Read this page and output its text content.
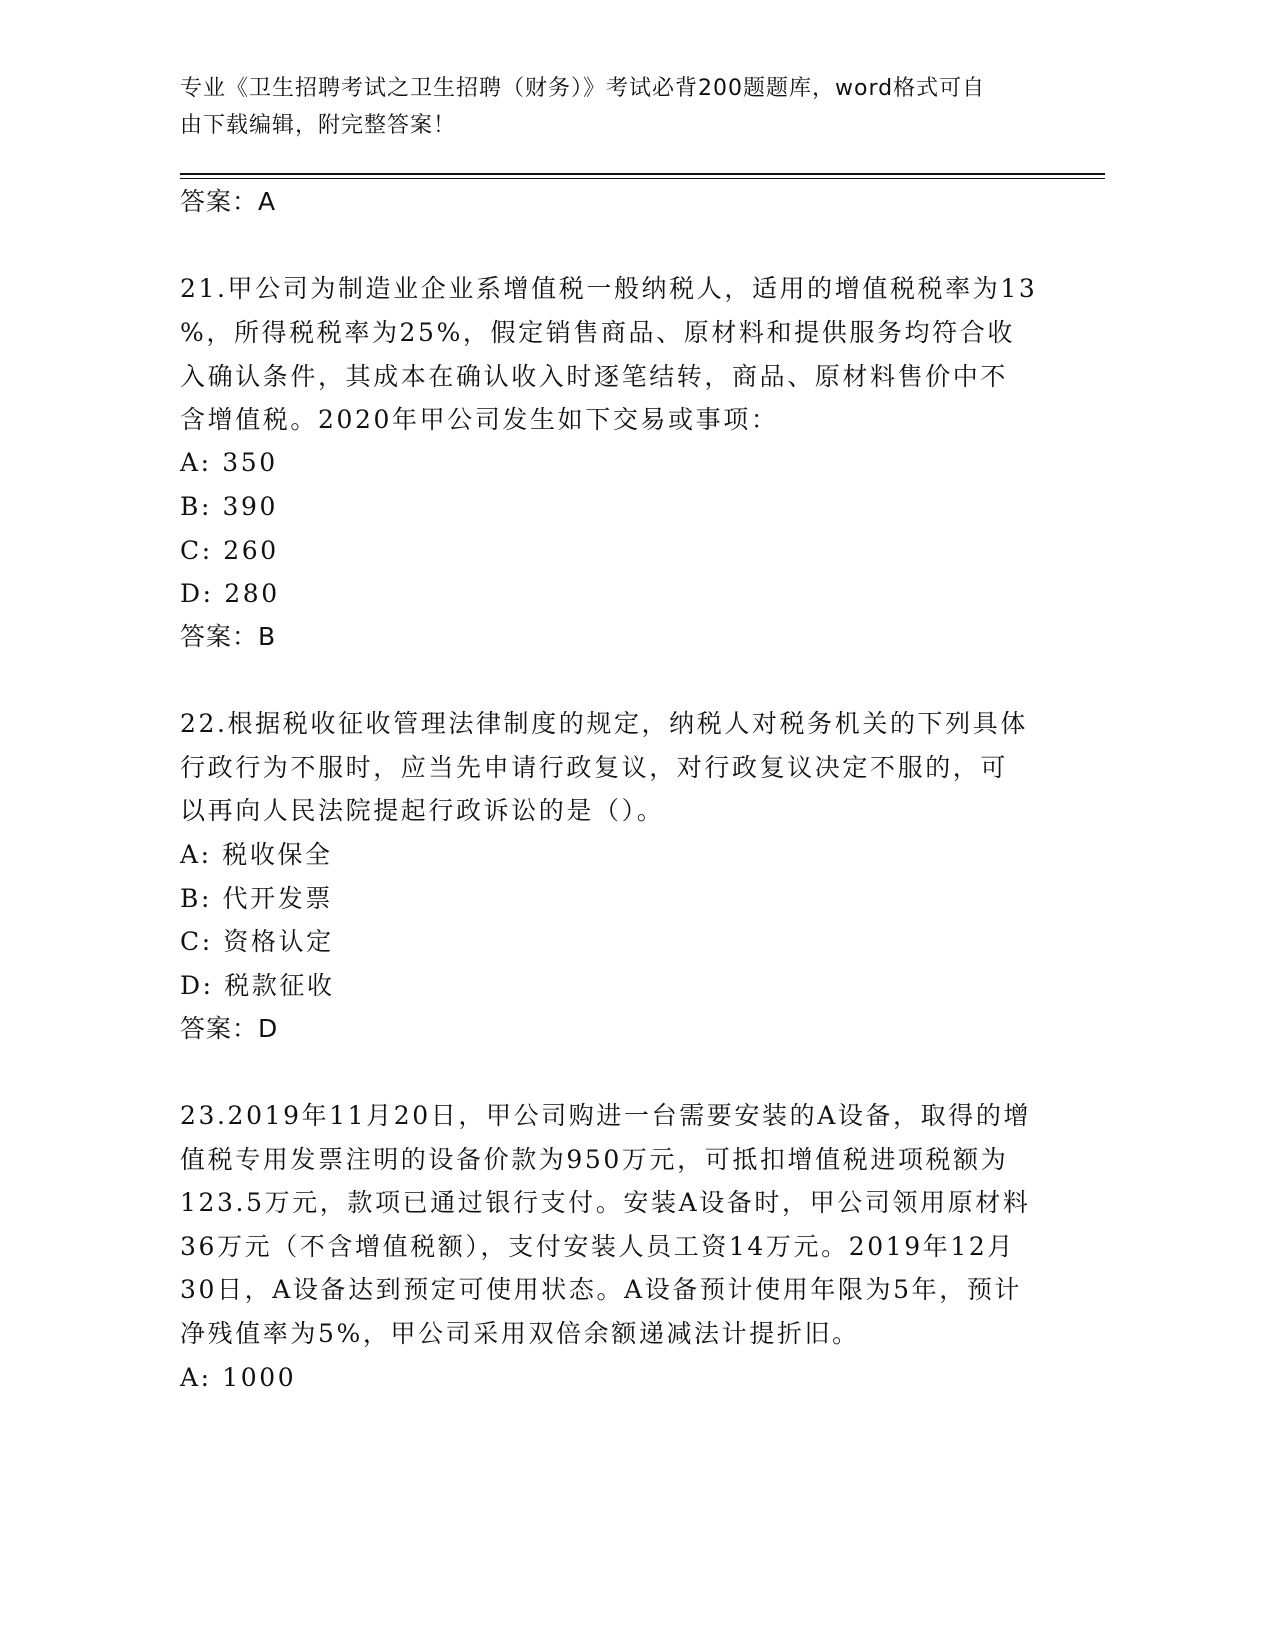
专业《卫生招聘考试之卫生招聘（财务）》考试必背200题题库，word格式可自
由下载编辑，附完整答案！
答案：A
21.甲公司为制造业企业系增值税一般纳税人，适用的增值税税率为13
%，所得税税率为25%，假定销售商品、原材料和提供服务均符合收
入确认条件，其成本在确认收入时逐笔结转，商品、原材料售价中不
含增值税。2020年甲公司发生如下交易或事项：
A: 350
B: 390
C: 260
D: 280
答案：B
22.根据税收征收管理法律制度的规定，纳税人对税务机关的下列具体
行政行为不服时，应当先申请行政复议，对行政复议决定不服的，可
以再向人民法院提起行政诉讼的是（）。
A: 税收保全
B: 代开发票
C: 资格认定
D: 税款征收
答案：D
23.2019年11月20日，甲公司购进一台需要安装的A设备，取得的增
值税专用发票注明的设备价款为950万元，可抵扣增值税进项税额为
123.5万元，款项已通过银行支付。安装A设备时，甲公司领用原材料
36万元（不含增值税额），支付安装人员工资14万元。2019年12月
30日，A设备达到预定可使用状态。A设备预计使用年限为5年，预计
净残值率为5%，甲公司采用双倍余额递减法计提折旧。
A: 1000
